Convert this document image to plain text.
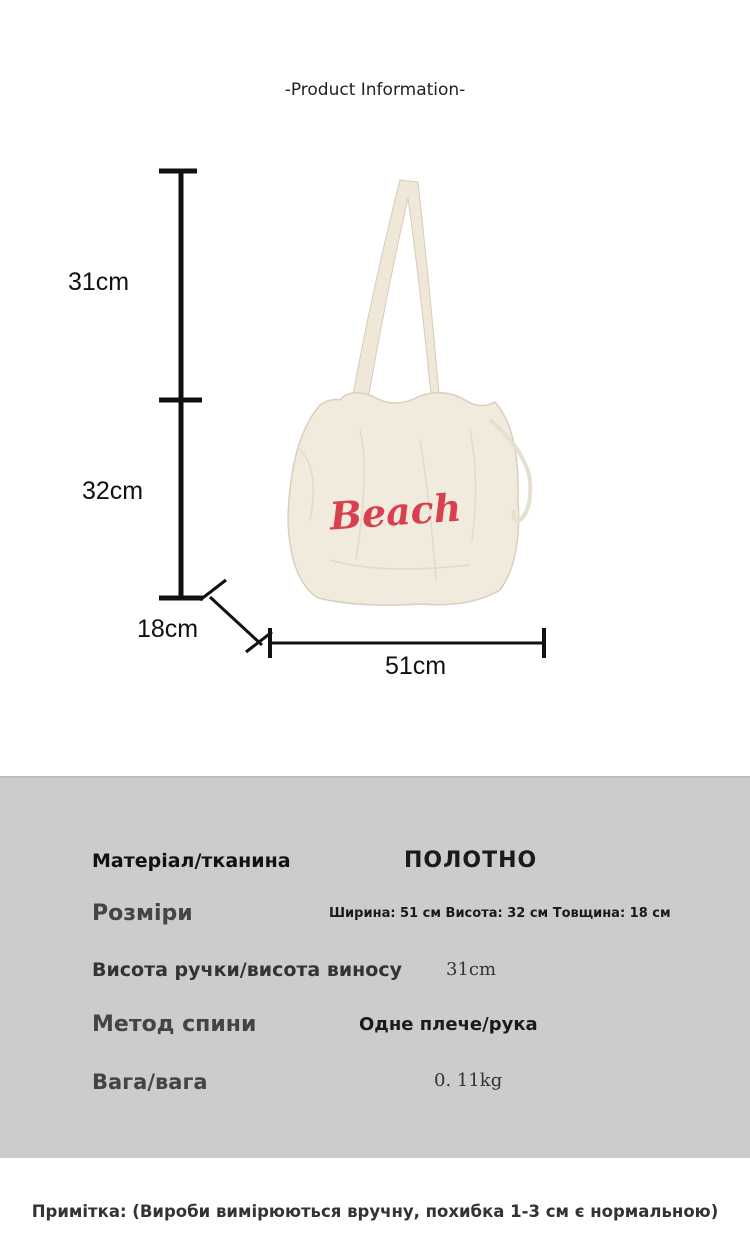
-Product Information-
Beach
31cm
32cm
18cm
51cm
Матеріал/тканина	ПОЛОТНО
Розміри	Ширина: 51 см Висота: 32 см Товщина: 18 см
Висота ручки/висота виносу 31cm
Метод спини	Одне плече/рука
Вага/вага	0. 11kg
Примітка: (Вироби вимірюються вручну, похибка 1-3 см є нормальною)
